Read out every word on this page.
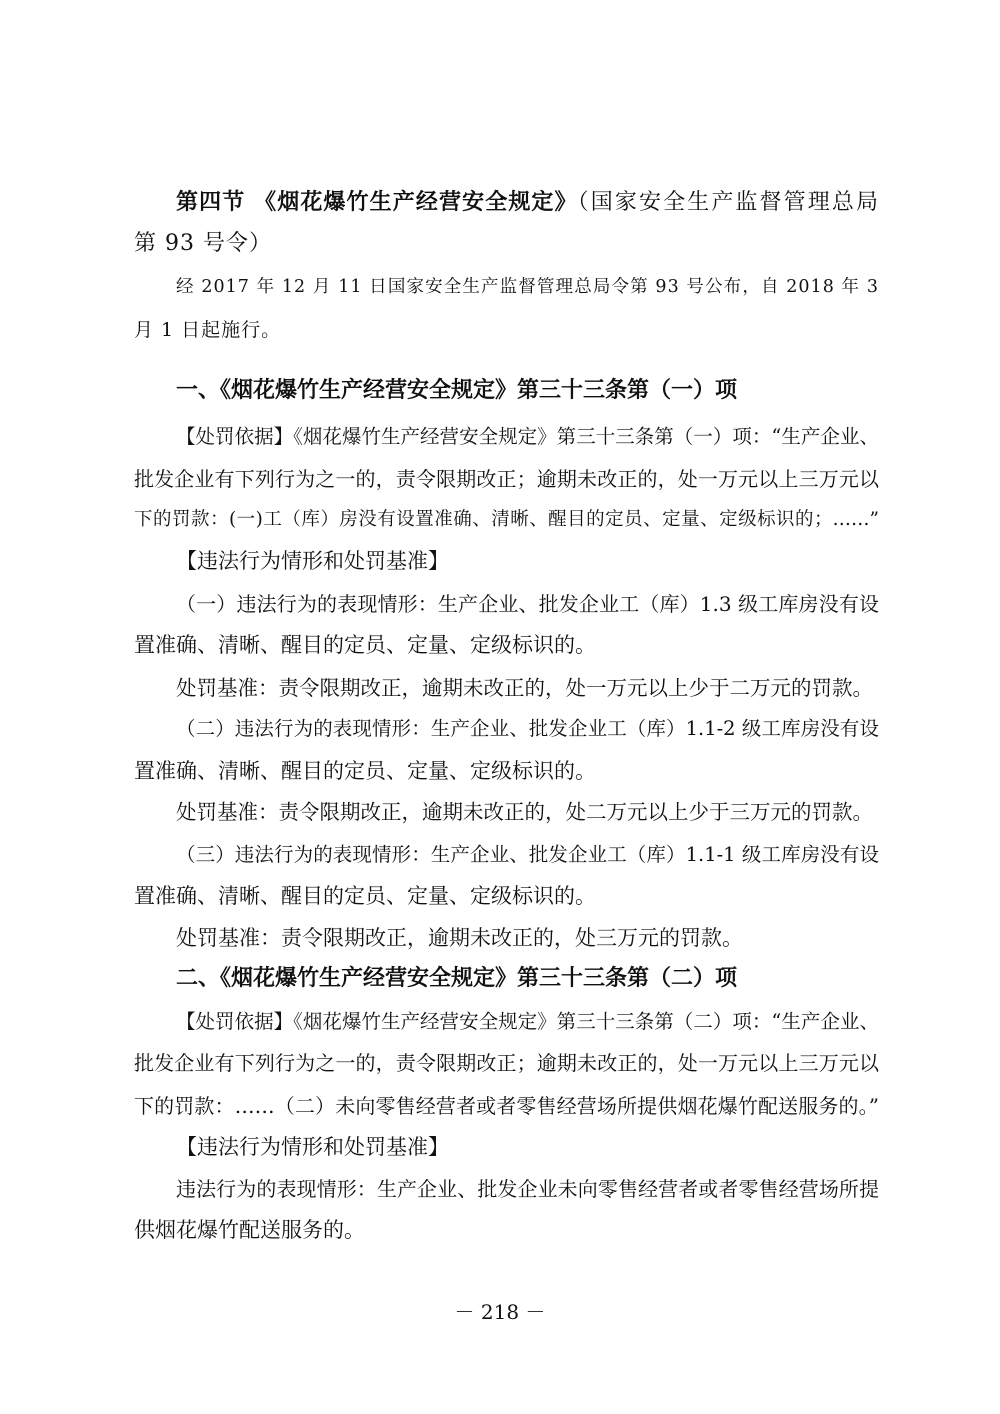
第四节 《烟花爆竹生产经营安全规定》（国家安全生产监督管理总局
第 93 号令）
经 2017 年 12 月 11 日国家安全生产监督管理总局令第 93 号公布，自 2018 年 3
月 1 日起施行。
一、《烟花爆竹生产经营安全规定》第三十三条第（一）项
【处罚依据】《烟花爆竹生产经营安全规定》第三十三条第（一）项：“生产企业、
批发企业有下列行为之一的，责令限期改正；逾期未改正的，处一万元以上三万元以
下的罚款：(一)工（库）房没有设置准确、清晰、醒目的定员、定量、定级标识的；……”
【违法行为情形和处罚基准】
（一）违法行为的表现情形：生产企业、批发企业工（库）1.3 级工库房没有设
置准确、清晰、醒目的定员、定量、定级标识的。
处罚基准：责令限期改正，逾期未改正的，处一万元以上少于二万元的罚款。
（二）违法行为的表现情形：生产企业、批发企业工（库）1.1-2 级工库房没有设
置准确、清晰、醒目的定员、定量、定级标识的。
处罚基准：责令限期改正，逾期未改正的，处二万元以上少于三万元的罚款。
（三）违法行为的表现情形：生产企业、批发企业工（库）1.1-1 级工库房没有设
置准确、清晰、醒目的定员、定量、定级标识的。
处罚基准：责令限期改正，逾期未改正的，处三万元的罚款。
二、《烟花爆竹生产经营安全规定》第三十三条第（二）项
【处罚依据】《烟花爆竹生产经营安全规定》第三十三条第（二）项：“生产企业、
批发企业有下列行为之一的，责令限期改正；逾期未改正的，处一万元以上三万元以
下的罚款：……（二）未向零售经营者或者零售经营场所提供烟花爆竹配送服务的。”
【违法行为情形和处罚基准】
违法行为的表现情形：生产企业、批发企业未向零售经营者或者零售经营场所提
供烟花爆竹配送服务的。
－ 218 －
